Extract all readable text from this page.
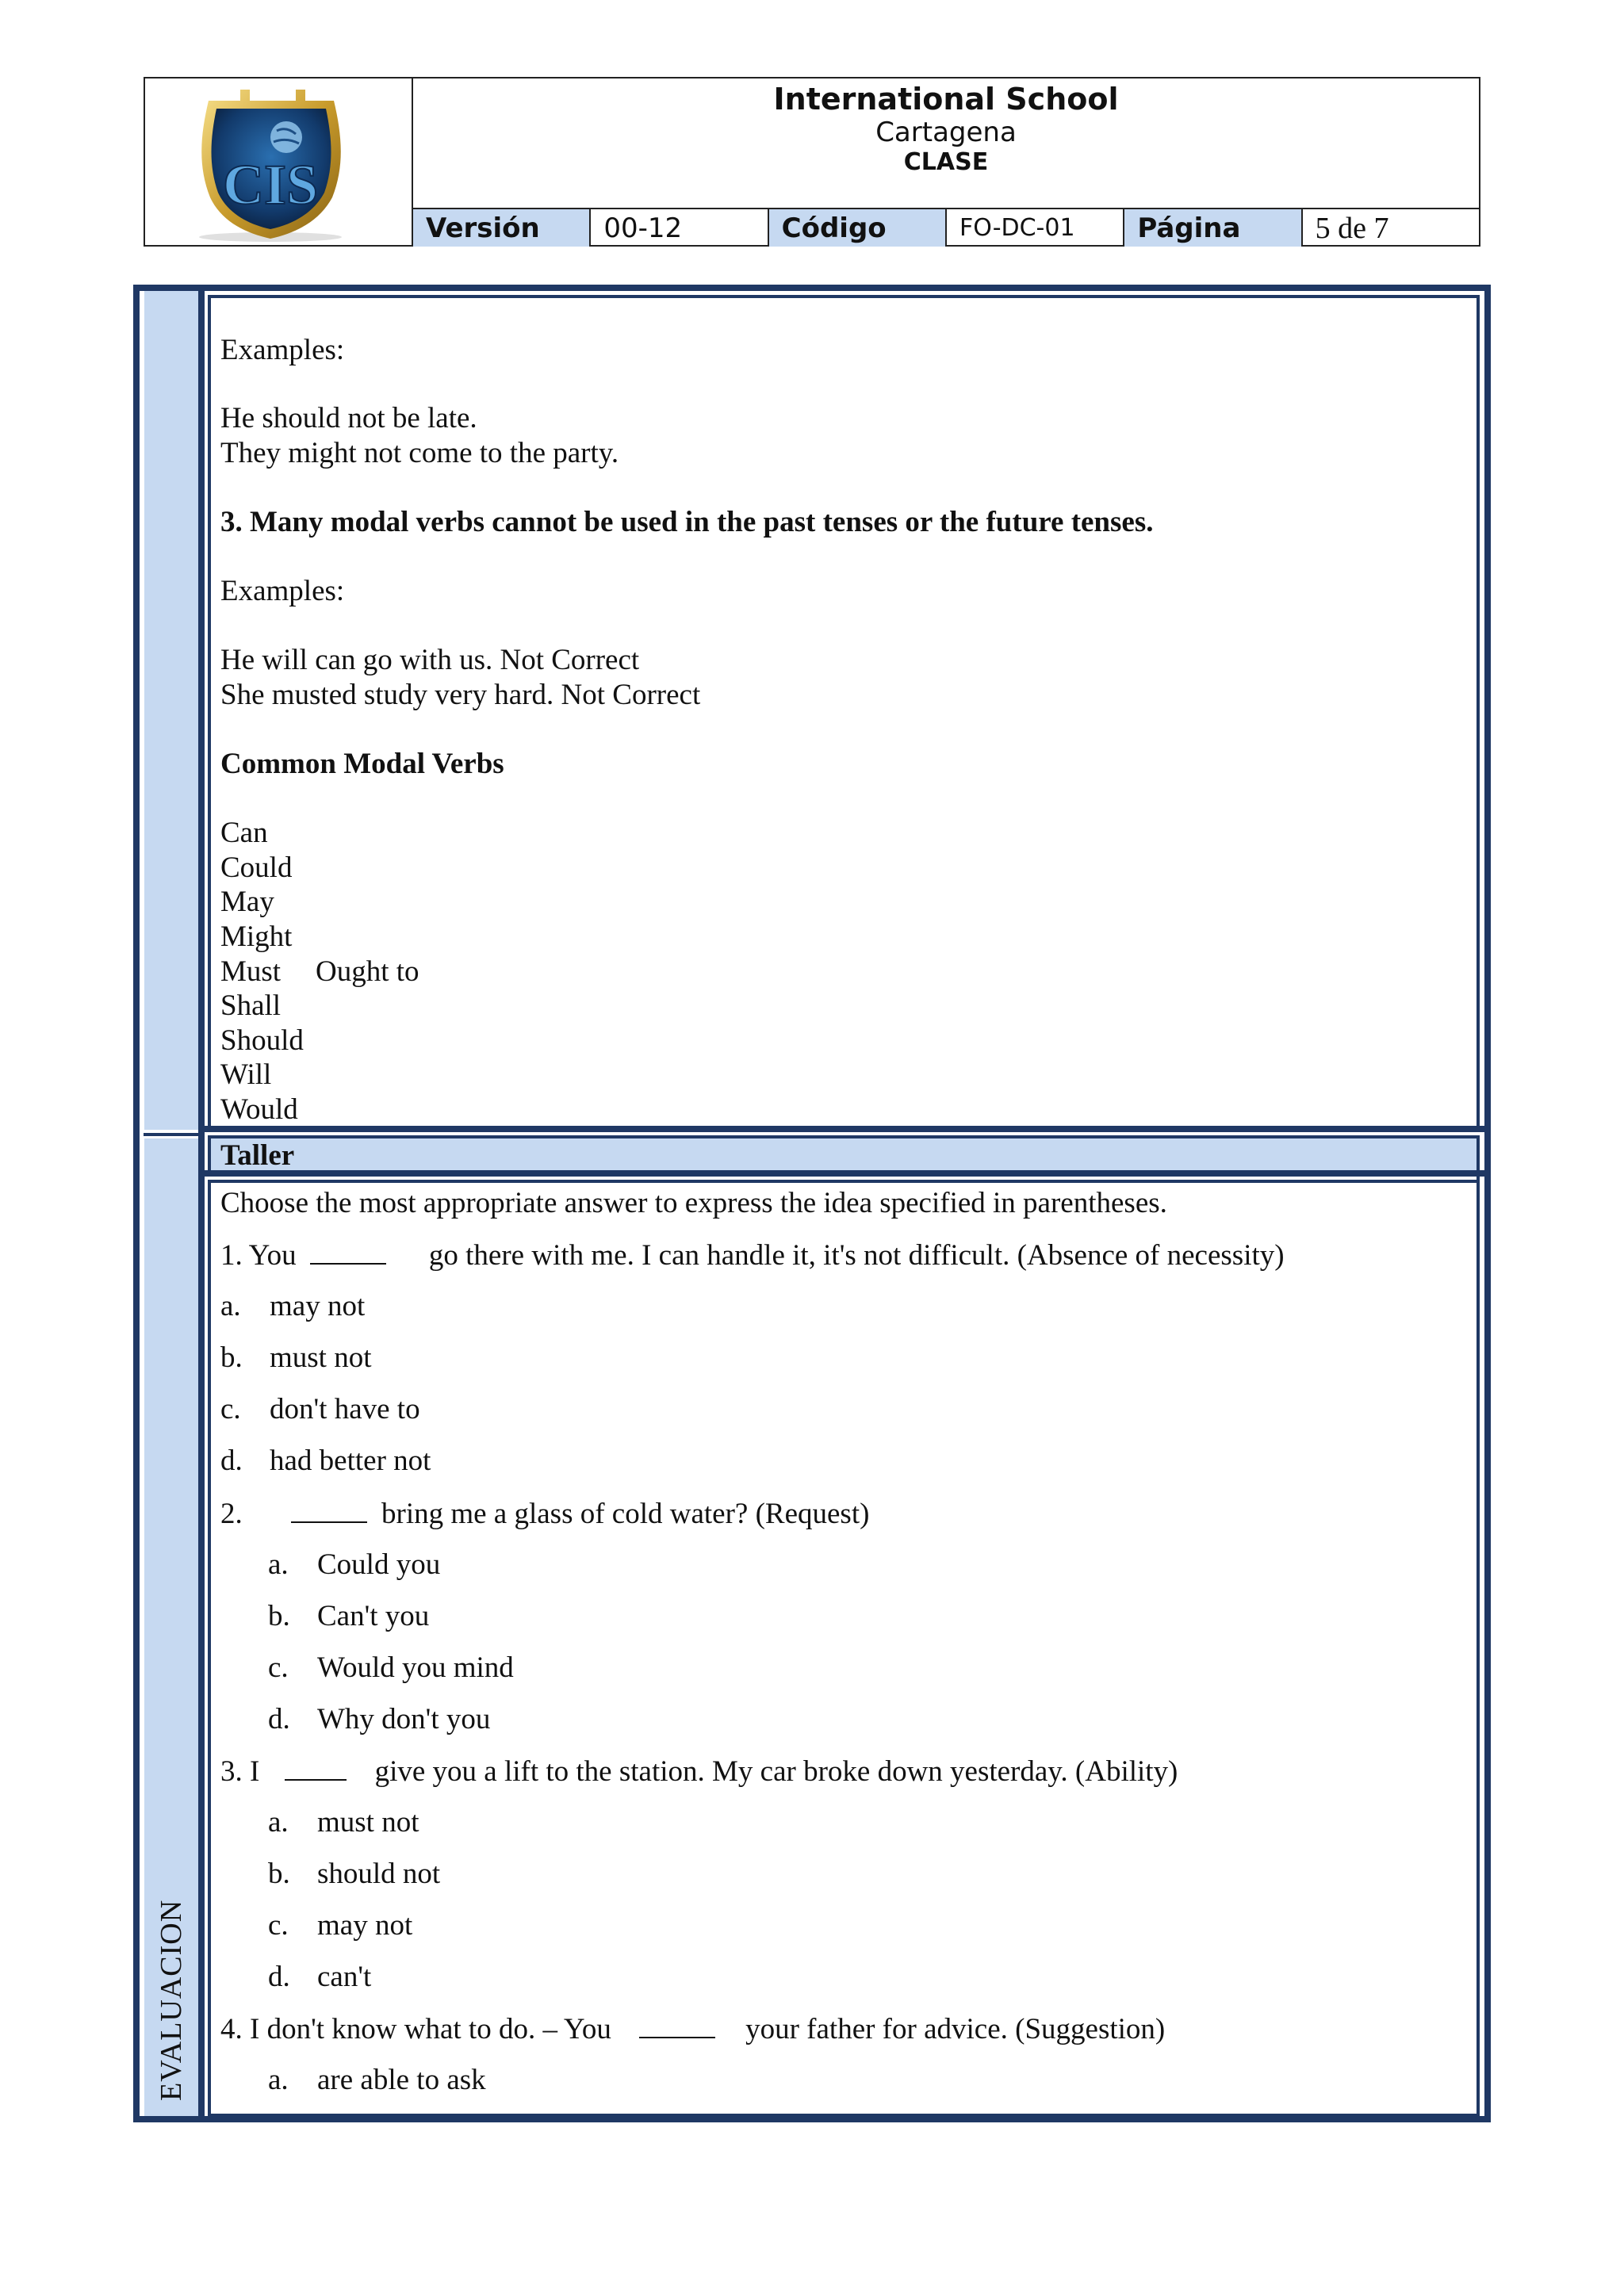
CIS
International School
Cartagena
CLASE
Versión	00-12	Código	FO-DC-01	Página	5 de 7
EVALUACION
Examples:
He should not be late.
They might not come to the party.
3. Many modal verbs cannot be used in the past tenses or the future tenses.
Examples:
He will can go with us. Not Correct
She musted study very hard. Not Correct
Common Modal Verbs
Can
Could
May
Might
Must Ought to
Shall
Should
Will
Would
Taller
Choose the most appropriate answer to express the idea specified in parentheses.
1. You	go there with me. I can handle it, it's not difficult. (Absence of necessity)
a. may not
b. must not
c. don't have to
d. had better not
2.	bring me a glass of cold water? (Request)
a. Could you
b. Can't you
c. Would you mind
d. Why don't you
3. I	give you a lift to the station. My car broke down yesterday. (Ability)
a. must not
b. should not
c. may not
d. can't
4. I don't know what to do. – You	your father for advice. (Suggestion)
a. are able to ask
